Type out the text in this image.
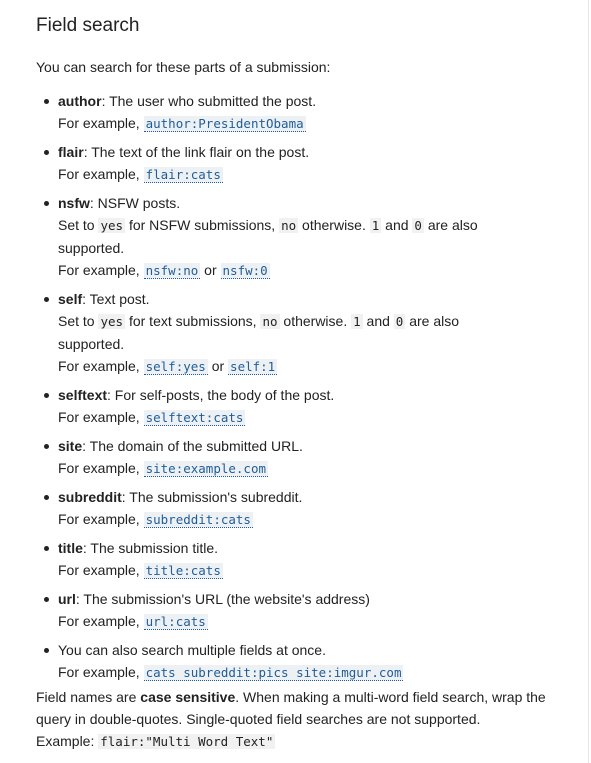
Field search

You can search for these parts of a submission:

author: The user who submitted the post.
For example, author:PresidentObama
flair: The text of the link flair on the post.
For example, flair:cats
nsfw: NSFW posts.
Set to yes for NSFW submissions, no otherwise. 1 and 0 are also
supported.
For example, nsfw:no or nsfw:0
self: Text post.
Set to yes for text submissions, no otherwise. 1 and 0 are also
supported.
For example, self:yes or self:1
selftext: For self-posts, the body of the post.
For example, selftext:cats
site: The domain of the submitted URL.
For example, site:example.com
subreddit: The submission's subreddit.
For example, subreddit:cats
title: The submission title.
For example, title:cats
url: The submission's URL (the website's address)
For example, url:cats
You can also search multiple fields at once.
For example, cats subreddit:pics site:imgur.com

Field names are case sensitive. When making a multi-word field search, wrap the query in double-quotes. Single-quoted field searches are not supported.
Example: flair:"Multi Word Text"
